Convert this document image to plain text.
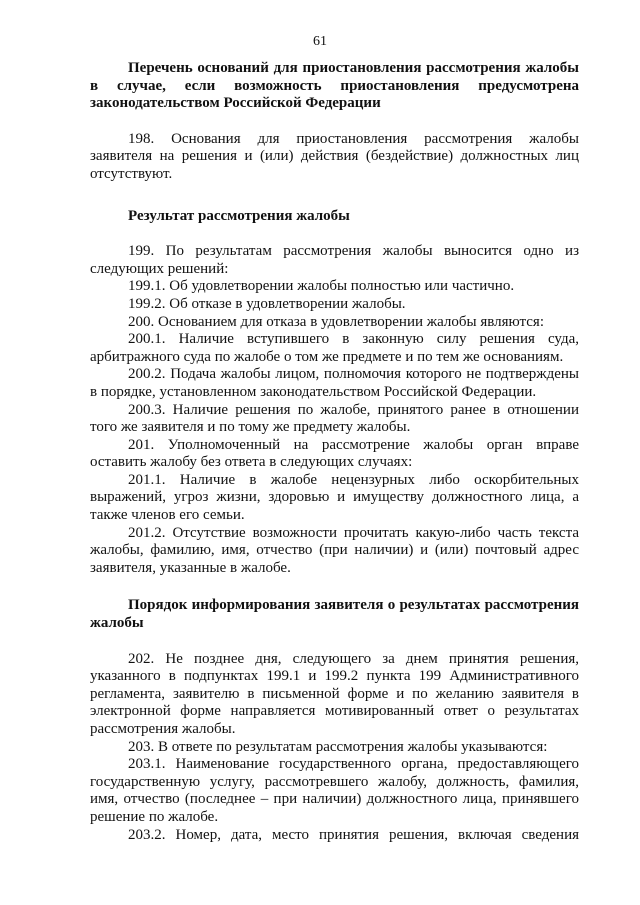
61

Перечень оснований для приостановления рассмотрения жалобы в случае, если возможность приостановления предусмотрена законодательством Российской Федерации

198. Основания для приостановления рассмотрения жалобы заявителя на решения и (или) действия (бездействие) должностных лиц отсутствуют.

Результат рассмотрения жалобы

199. По результатам рассмотрения жалобы выносится одно из следующих решений:

199.1. Об удовлетворении жалобы полностью или частично.

199.2. Об отказе в удовлетворении жалобы.

200. Основанием для отказа в удовлетворении жалобы являются:

200.1. Наличие вступившего в законную силу решения суда, арбитражного суда по жалобе о том же предмете и по тем же основаниям.

200.2. Подача жалобы лицом, полномочия которого не подтверждены в порядке, установленном законодательством Российской Федерации.

200.3. Наличие решения по жалобе, принятого ранее в отношении того же заявителя и по тому же предмету жалобы.

201. Уполномоченный на рассмотрение жалобы орган вправе оставить жалобу без ответа в следующих случаях:

201.1. Наличие в жалобе нецензурных либо оскорбительных выражений, угроз жизни, здоровью и имуществу должностного лица, а также членов его семьи.

201.2. Отсутствие возможности прочитать какую-либо часть текста жалобы, фамилию, имя, отчество (при наличии) и (или) почтовый адрес заявителя, указанные в жалобе.

Порядок информирования заявителя о результатах рассмотрения жалобы

202. Не позднее дня, следующего за днем принятия решения, указанного в подпунктах 199.1 и 199.2 пункта 199 Административного регламента, заявителю в письменной форме и по желанию заявителя в электронной форме направляется мотивированный ответ о результатах рассмотрения жалобы.

203. В ответе по результатам рассмотрения жалобы указываются:

203.1. Наименование государственного органа, предоставляющего государственную услугу, рассмотревшего жалобу, должность, фамилия, имя, отчество (последнее – при наличии) должностного лица, принявшего решение по жалобе.

203.2. Номер, дата, место принятия решения, включая сведения
